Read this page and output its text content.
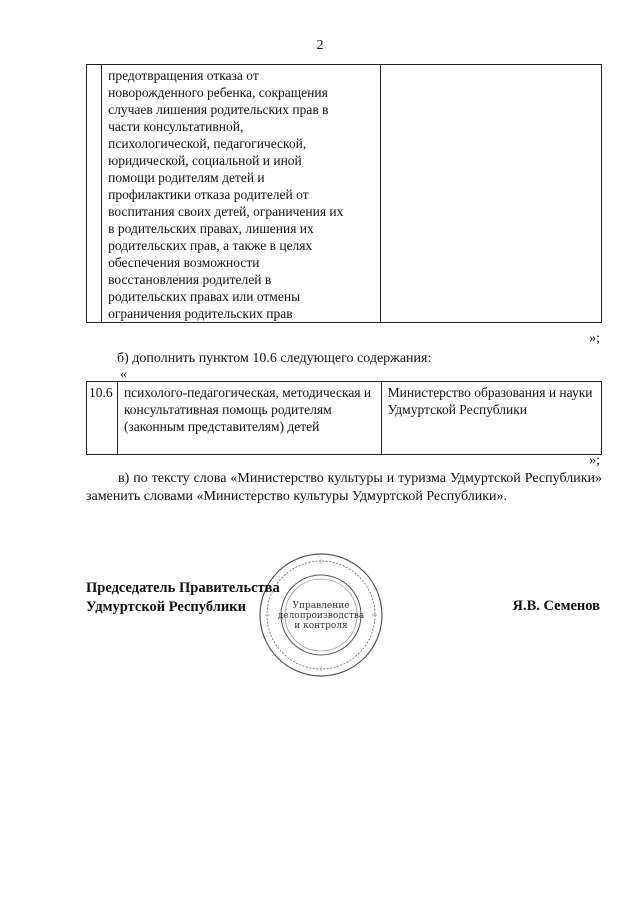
2

предотвращения отказа от
новорожденного ребенка, сокращения
случаев лишения родительских прав в
части консультативной,
психологической, педагогической,
юридической, социальной и иной
помощи родителям детей и
профилактики отказа родителей от
воспитания своих детей, ограничения их
в родительских правах, лишения их
родительских прав, а также в целях
обеспечения возможности
восстановления родителей в
родительских правах или отмены
ограничения родительских прав

»;
б) дополнить пунктом 10.6 следующего содержания:
«
10.6	психолого-педагогическая, методическая и консультативная помощь родителям (законным представителям) детей	Министерство образования и науки Удмуртской Республики
»;
в) по тексту слова «Министерство культуры и туризма Удмуртской Республики» заменить словами «Министерство культуры Удмуртской Республики».
Управление
делопроизводства
и контроля
Председатель Правительства
Удмуртской Республики	Я.В. Семенов
